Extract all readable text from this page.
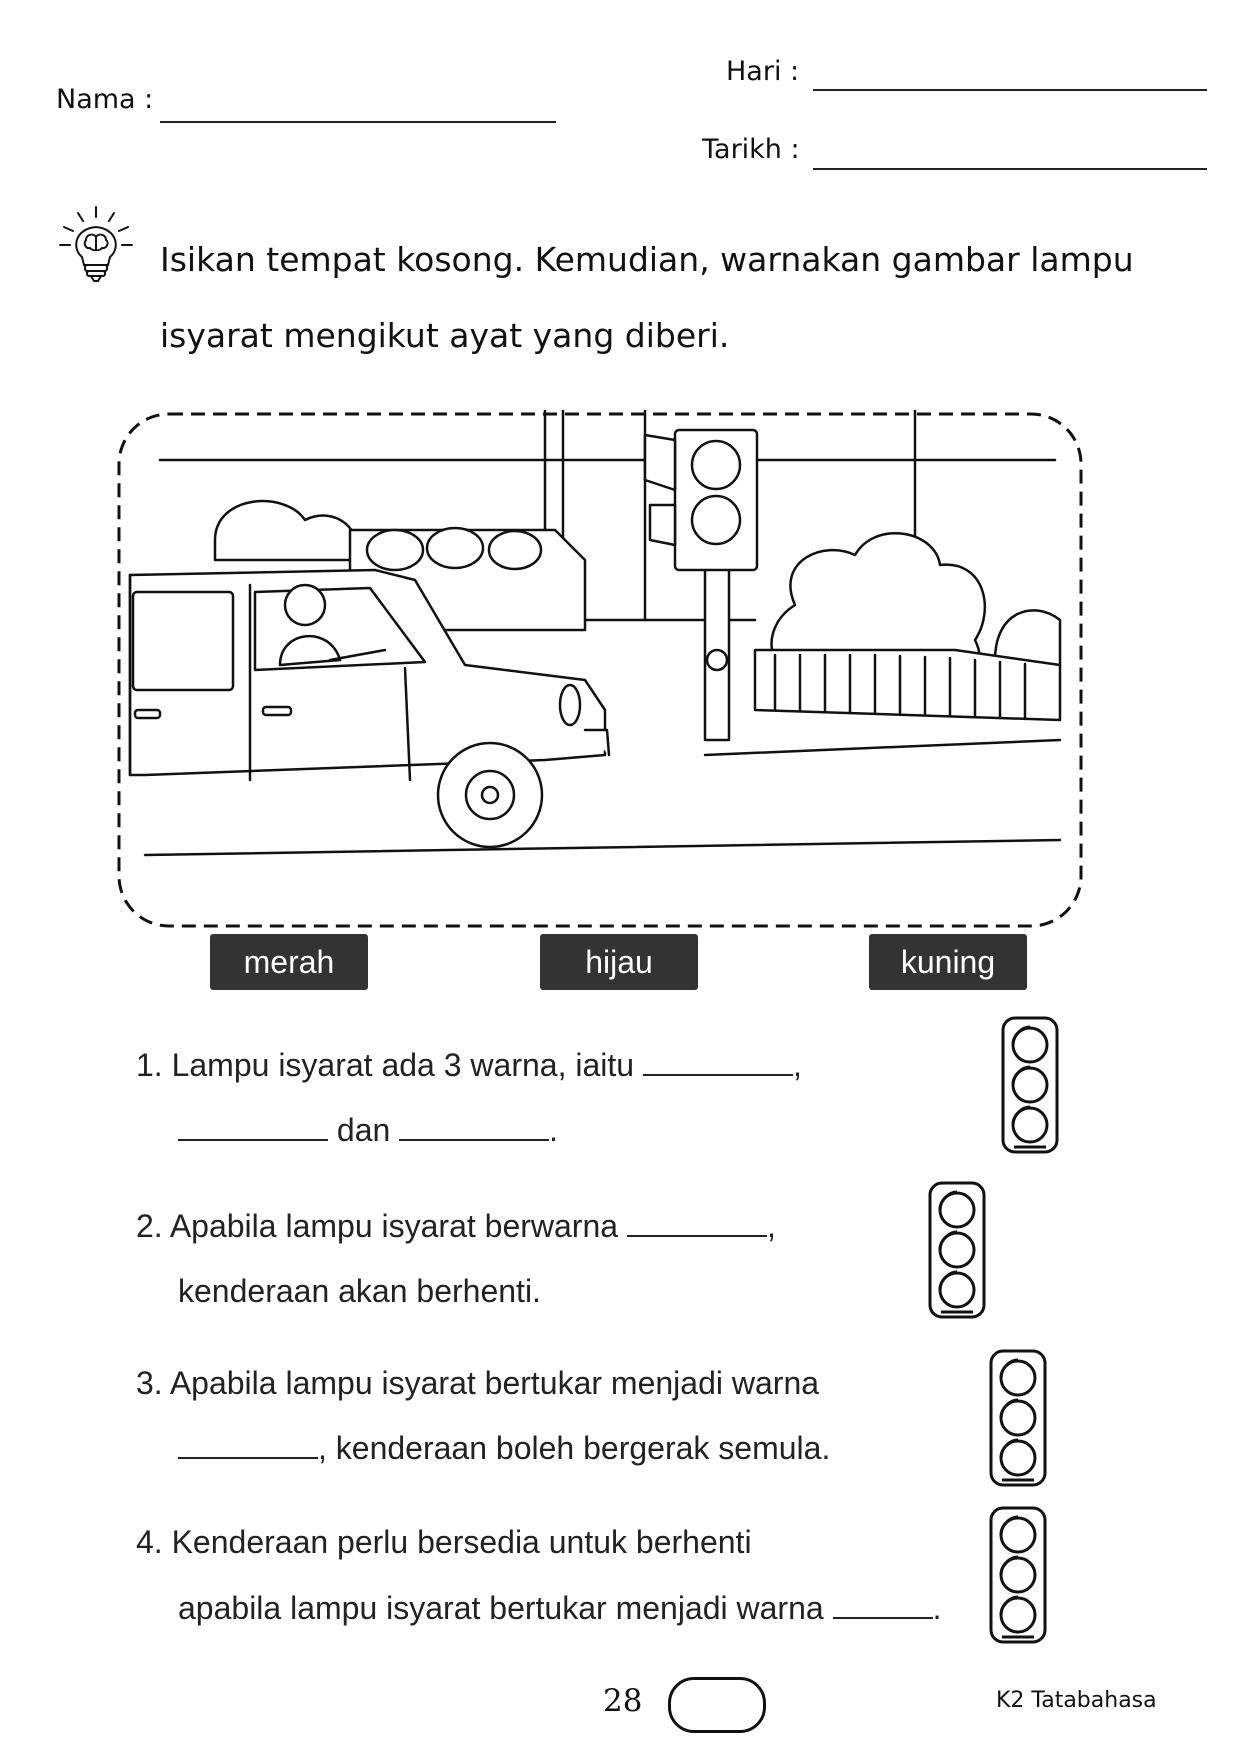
Nama :
Hari :
Tarikh :
Isikan tempat kosong. Kemudian, warnakan gambar lampu
isyarat mengikut ayat yang diberi.
merah	hijau	kuning
1. Lampu isyarat ada 3 warna, iaitu	,
dan	.
2. Apabila lampu isyarat berwarna	,
kenderaan akan berhenti.
3. Apabila lampu isyarat bertukar menjadi warna
, kenderaan boleh bergerak semula.
4. Kenderaan perlu bersedia untuk berhenti
apabila lampu isyarat bertukar menjadi warna	.
28	K2 Tatabahasa
